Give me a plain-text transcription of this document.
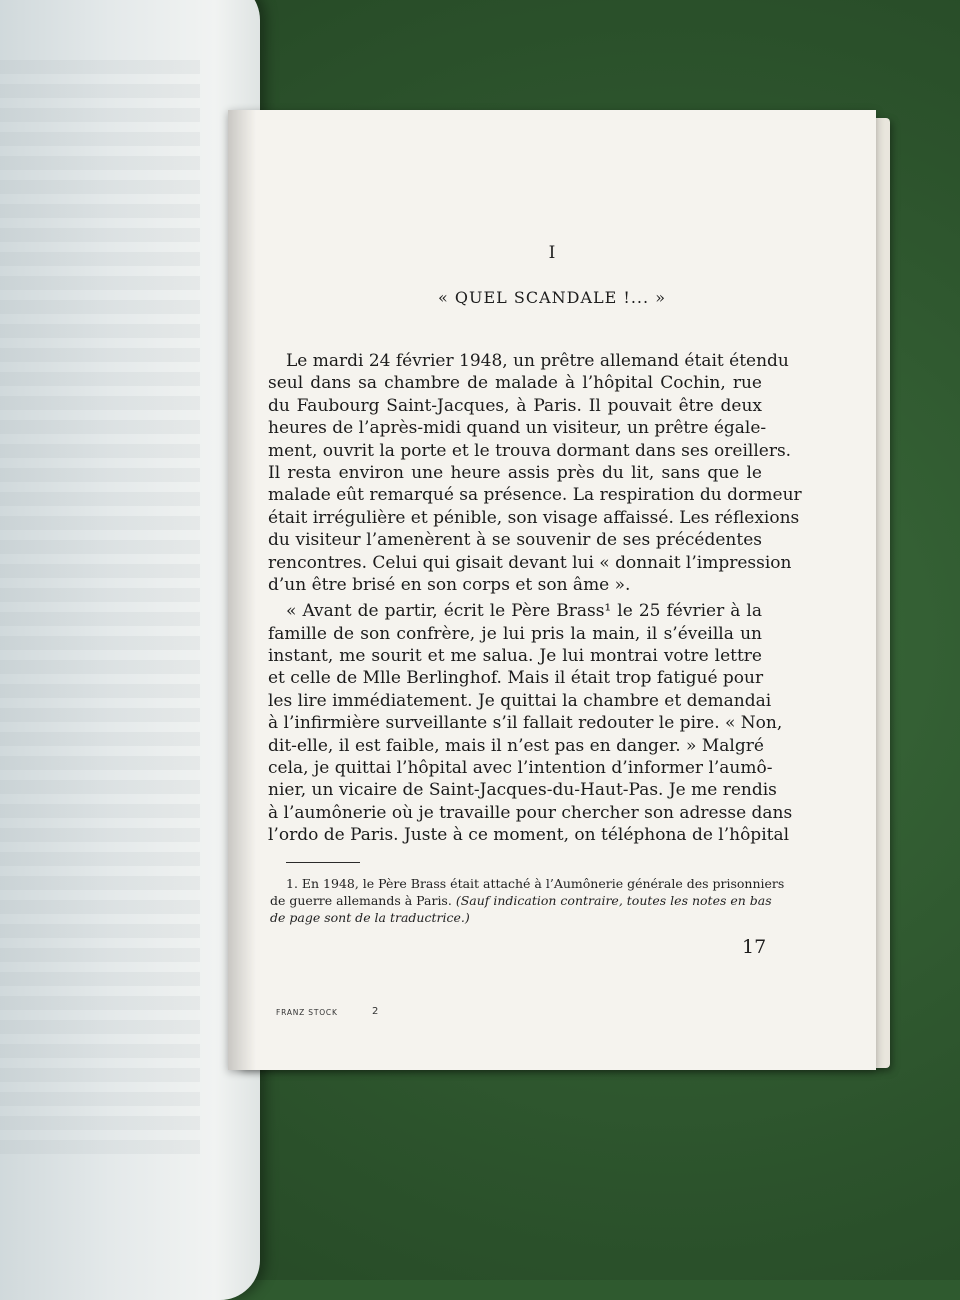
I
« QUEL SCANDALE !... »
Le mardi 24 février 1948, un prêtre allemand était étendu
seul dans sa chambre de malade à l’hôpital Cochin, rue
du Faubourg Saint-Jacques, à Paris. Il pouvait être deux
heures de l’après-midi quand un visiteur, un prêtre égale-
ment, ouvrit la porte et le trouva dormant dans ses oreillers.
Il resta environ une heure assis près du lit, sans que le
malade eût remarqué sa présence. La respiration du dormeur
était irrégulière et pénible, son visage affaissé. Les réflexions
du visiteur l’amenèrent à se souvenir de ses précédentes
rencontres. Celui qui gisait devant lui « donnait l’impression
d’un être brisé en son corps et son âme ».
« Avant de partir, écrit le Père Brass¹ le 25 février à la
famille de son confrère, je lui pris la main, il s’éveilla un
instant, me sourit et me salua. Je lui montrai votre lettre
et celle de Mlle Berlinghof. Mais il était trop fatigué pour
les lire immédiatement. Je quittai la chambre et demandai
à l’infirmière surveillante s’il fallait redouter le pire. « Non,
dit-elle, il est faible, mais il n’est pas en danger. » Malgré
cela, je quittai l’hôpital avec l’intention d’informer l’aumô-
nier, un vicaire de Saint-Jacques-du-Haut-Pas. Je me rendis
à l’aumônerie où je travaille pour chercher son adresse dans
l’ordo de Paris. Juste à ce moment, on téléphona de l’hôpital
1. En 1948, le Père Brass était attaché à l’Aumônerie générale des prisonniers
de guerre allemands à Paris. (Sauf indication contraire, toutes les notes en bas
de page sont de la traductrice.)
17
FRANZ STOCK	2
